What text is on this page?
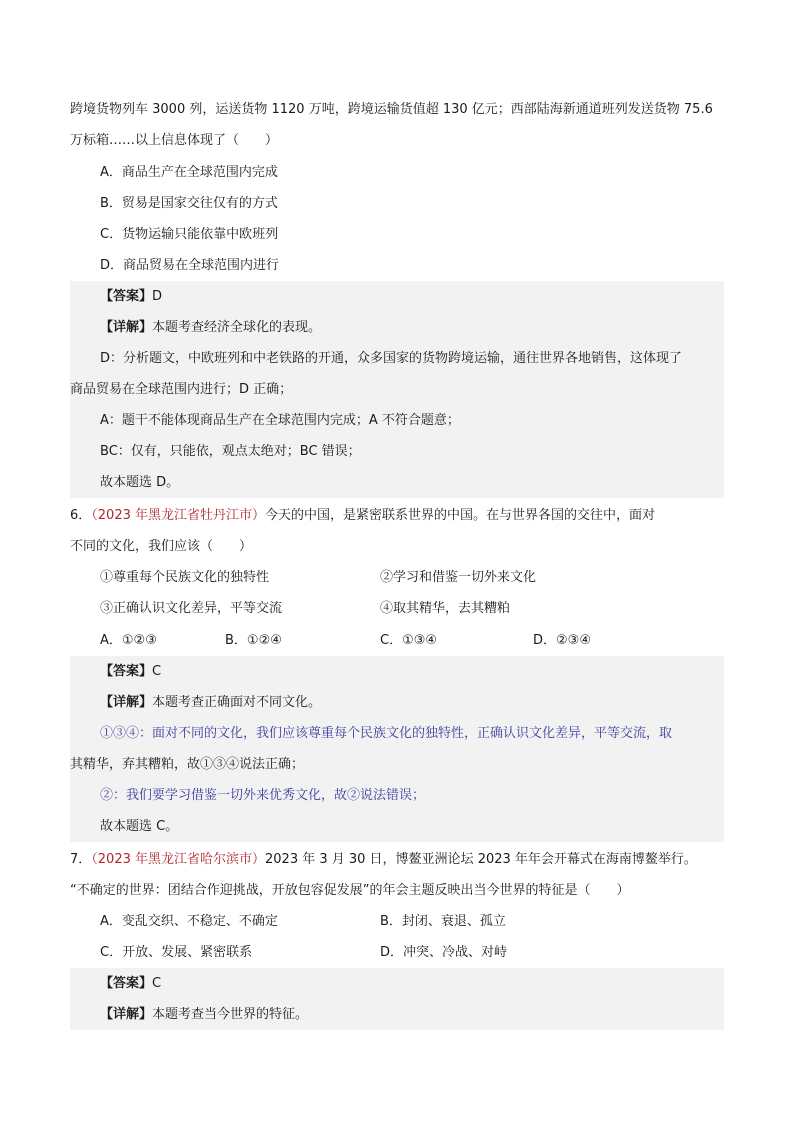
跨境货物列车 3000 列，运送货物 1120 万吨，跨境运输货值超 130 亿元；西部陆海新通道班列发送货物 75.6
万标箱……以上信息体现了（　　）
A．商品生产在全球范围内完成
B．贸易是国家交往仅有的方式
C．货物运输只能依靠中欧班列
D．商品贸易在全球范围内进行
【答案】D
【详解】本题考查经济全球化的表现。
D：分析题文，中欧班列和中老铁路的开通，众多国家的货物跨境运输，通往世界各地销售，这体现了
商品贸易在全球范围内进行；D 正确；
A：题干不能体现商品生产在全球范围内完成；A 不符合题意；
BC：仅有，只能依，观点太绝对；BC 错误；
故本题选 D。
6．（2023 年黑龙江省牡丹江市）今天的中国，是紧密联系世界的中国。在与世界各国的交往中，面对
不同的文化，我们应该（　　）
①尊重每个民族文化的独特性	②学习和借鉴一切外来文化
③正确认识文化差异，平等交流	④取其精华，去其糟粕
A．①②③	B．①②④	C．①③④	D．②③④
【答案】C
【详解】本题考查正确面对不同文化。
①③④：面对不同的文化，我们应该尊重每个民族文化的独特性，正确认识文化差异，平等交流，取
其精华，弃其糟粕，故①③④说法正确；
②：我们要学习借鉴一切外来优秀文化，故②说法错误；
故本题选 C。
7．（2023 年黑龙江省哈尔滨市）2023 年 3 月 30 日，博鳌亚洲论坛 2023 年年会开幕式在海南博鳌举行。
“不确定的世界：团结合作迎挑战，开放包容促发展”的年会主题反映出当今世界的特征是（　　）
A．变乱交织、不稳定、不确定	B．封闭、衰退、孤立
C．开放、发展、紧密联系	D．冲突、冷战、对峙
【答案】C
【详解】本题考查当今世界的特征。
